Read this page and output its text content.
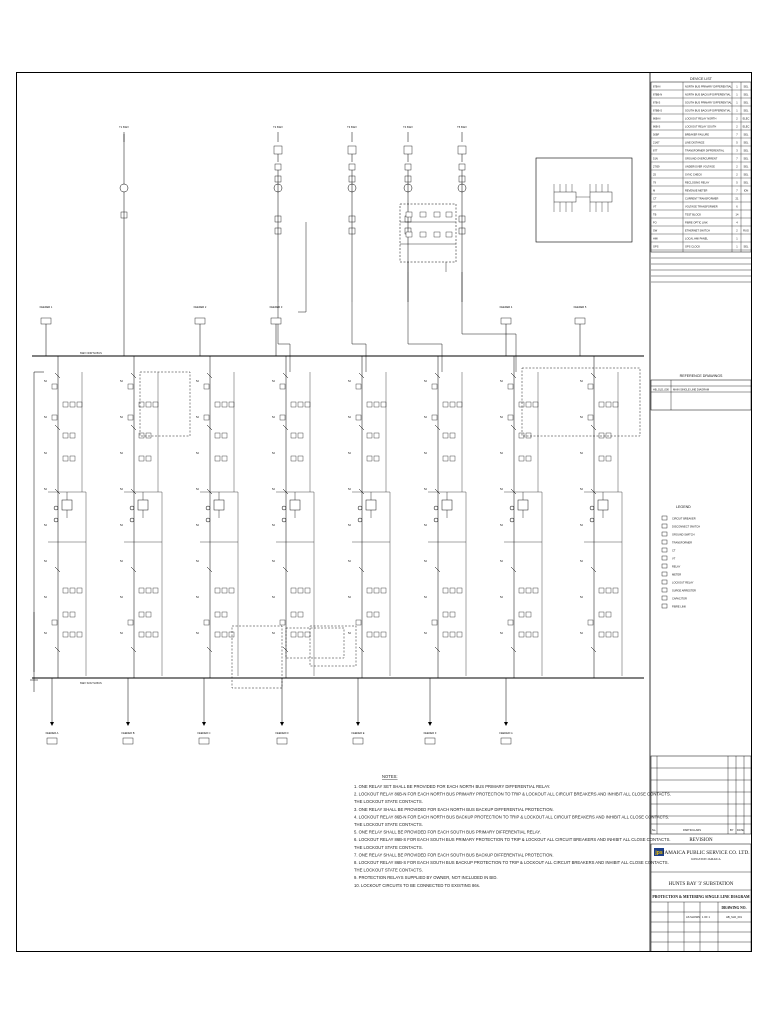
DEVICE LIST
87B-N	NORTH BUS PRIMARY DIFFERENTIAL 1 SEL
87BB-N	NORTH BUS BACKUP DIFFERENTIAL 1 SEL
87B-S	SOUTH BUS PRIMARY DIFFERENTIAL 1 SEL
87BB-S	SOUTH BUS BACKUP DIFFERENTIAL 1 SEL
86B-N	LOCKOUT RELAY NORTH	2 ELEC
86B-S	LOCKOUT RELAY SOUTH	2 ELEC
50BF	BREAKER FAILURE	7 SEL
21/67	LINE DISTANCE	5 SEL
87T	TRANSFORMER DIFFERENTIAL	3 SEL
51N	GROUND OVERCURRENT	7 SEL
27/59	UNDER/OVER VOLTAGE	2 SEL
25	SYNC CHECK	2 SEL
79	RECLOSING RELAY	5 SEL
M	REVENUE METER	7 ION
CT	CURRENT TRANSFORMER	21
VT	VOLTAGE TRANSFORMER	6
TB	TEST BLOCK	14
FO	FIBRE OPTIC LINK	4
SW	ETHERNET SWITCH	2 RUG
HMI	LOCAL HMI PANEL	1
GPS	GPS CLOCK	1 SEL
REFERENCE DRAWINGS
HB_SLD_000 MAIN SINGLE LINE DIAGRAM
LEGEND
CIRCUIT BREAKER
DISCONNECT SWITCH
GROUND SWITCH
TRANSFORMER
CT
VT
RELAY
METER
LOCKOUT RELAY
SURGE ARRESTER
CAPACITOR
FIBRE LINK
No.	PARTICULARS	BY DATE
REVISION
jps JAMAICA PUBLIC SERVICE CO. LTD.
KINGSTON JAMAICA
HUNTS BAY '3' SUBSTATION
PROTECTION & METERING SINGLE LINE DIAGRAM
DRAWING NO.
HB_SLD_001
AS SHOWN 1 OF 1
69kV NORTH BUS
69kV SOUTH BUS
T1 69kV	T2 69kV	T3 69kV	T4 69kV	T5 69kV
52
52
52
52
52
52
52
52
52
52
52
52
52
52
52
52
52
52
52
52
52
52
52
52
52
52
52
52
52
52
52
52
52
52
52
52
52
52
52
52
52
52
52
52
52
52
52
52
52
52
52
52
52
52
52
52
52
52
52
52
52
52
52
52
FEEDER 1	FEEDER 2	FEEDER 3	FEEDER 4	FEEDER 5
FEEDER A	FEEDER B	FEEDER C	FEEDER D	FEEDER E	FEEDER F	FEEDER G
NOTES:
1. ONE RELAY SET SHALL BE PROVIDED FOR EACH NORTH BUS PRIMARY DIFFERENTIAL RELAY.
2. LOCKOUT RELAY 86B-N FOR EACH NORTH BUS PRIMARY PROTECTION TO TRIP & LOCKOUT ALL CIRCUIT BREAKERS AND INHIBIT ALL CLOSE CONTACTS.
THE LOCKOUT STATE CONTACTS.
3. ONE RELAY SHALL BE PROVIDED FOR EACH NORTH BUS BACKUP DIFFERENTIAL PROTECTION.
4. LOCKOUT RELAY 86B-N FOR EACH NORTH BUS BACKUP PROTECTION TO TRIP & LOCKOUT ALL CIRCUIT BREAKERS AND INHIBIT ALL CLOSE CONTACTS.
THE LOCKOUT STATE CONTACTS.
5. ONE RELAY SHALL BE PROVIDED FOR EACH SOUTH BUS PRIMARY DIFFERENTIAL RELAY.
6. LOCKOUT RELAY 86B-S FOR EACH SOUTH BUS PRIMARY PROTECTION TO TRIP & LOCKOUT ALL CIRCUIT BREAKERS AND INHIBIT ALL CLOSE CONTACTS.
THE LOCKOUT STATE CONTACTS.
7. ONE RELAY SHALL BE PROVIDED FOR EACH SOUTH BUS BACKUP DIFFERENTIAL PROTECTION.
8. LOCKOUT RELAY 86B-S FOR EACH SOUTH BUS BACKUP PROTECTION TO TRIP & LOCKOUT ALL CIRCUIT BREAKERS AND INHIBIT ALL CLOSE CONTACTS.
THE LOCKOUT STATE CONTACTS.
9. PROTECTION RELAYS SUPPLIED BY OWNER, NOT INCLUDED IN BID.
10. LOCKOUT CIRCUITS TO BE CONNECTED TO EXISTING 86s.
